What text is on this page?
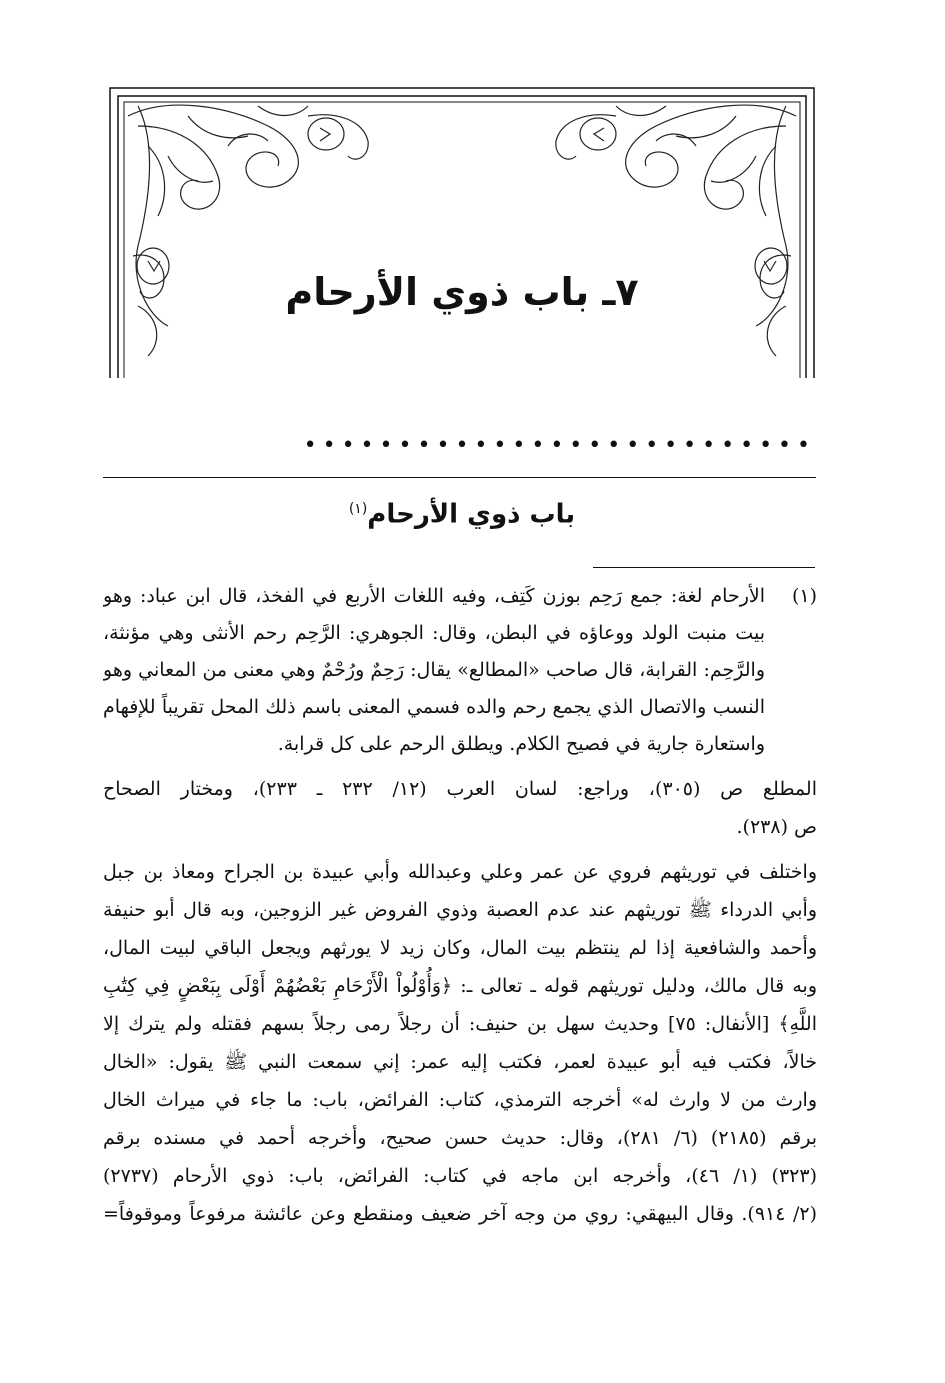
٧ـ باب ذوي الأرحام
•••••••••••••••••••••••••••
باب ذوي الأرحام$^{(١)}$
(١)
الأرحام لغة: جمع رَحِم بوزن كَتِف، وفيه اللغات الأربع في الفخذ، قال ابن عباد: وهو
بيت منبت الولد ووعاؤه في البطن، وقال: الجوهري: الرَّحِم رحم الأنثى وهي مؤنثة،
والرَّحِم: القرابة، قال صاحب «المطالع» يقال: رَحِمٌ ورُحْمٌ وهي معنى من المعاني وهو
النسب والاتصال الذي يجمع رحم والده فسمي المعنى باسم ذلك المحل تقريباً للإفهام
واستعارة جارية في فصيح الكلام. ويطلق الرحم على كل قرابة.
المطلع ص (٣٠٥)، وراجع: لسان العرب (١٢/ ٢٣٢ ـ ٢٣٣)، ومختار الصحاح
ص (٢٣٨).
واختلف في توريثهم فروي عن عمر وعلي وعبدالله وأبي عبيدة بن الجراح ومعاذ بن جبل
وأبي الدرداء ﷺ توريثهم عند عدم العصبة وذوي الفروض غير الزوجين، وبه قال أبو حنيفة
وأحمد والشافعية إذا لم ينتظم بيت المال، وكان زيد لا يورثهم ويجعل الباقي لبيت المال،
وبه قال مالك، ودليل توريثهم قوله ـ تعالى ـ: ﴿وَأُوْلُواْ الْأَرْحَامِ بَعْضُهُمْ أَوْلَى بِبَعْضٍ فِي كِتَٰبِ
اللَّهِ﴾ [الأنفال: ٧٥] وحديث سهل بن حنيف: أن رجلاً رمى رجلاً بسهم فقتله ولم يترك إلا
خالاً، فكتب فيه أبو عبيدة لعمر، فكتب إليه عمر: إني سمعت النبي ﷺ يقول: «الخال
وارث من لا وارث له» أخرجه الترمذي، كتاب: الفرائض، باب: ما جاء في ميراث الخال
برقم (٢١٨٥) (٦/ ٢٨١)، وقال: حديث حسن صحيح، وأخرجه أحمد في مسنده برقم
(٣٢٣) (١/ ٤٦)، وأخرجه ابن ماجه في كتاب: الفرائض، باب: ذوي الأرحام (٢٧٣٧)
(٢/ ٩١٤). وقال البيهقي: روي من وجه آخر ضعيف ومنقطع وعن عائشة مرفوعاً وموقوفاً=
